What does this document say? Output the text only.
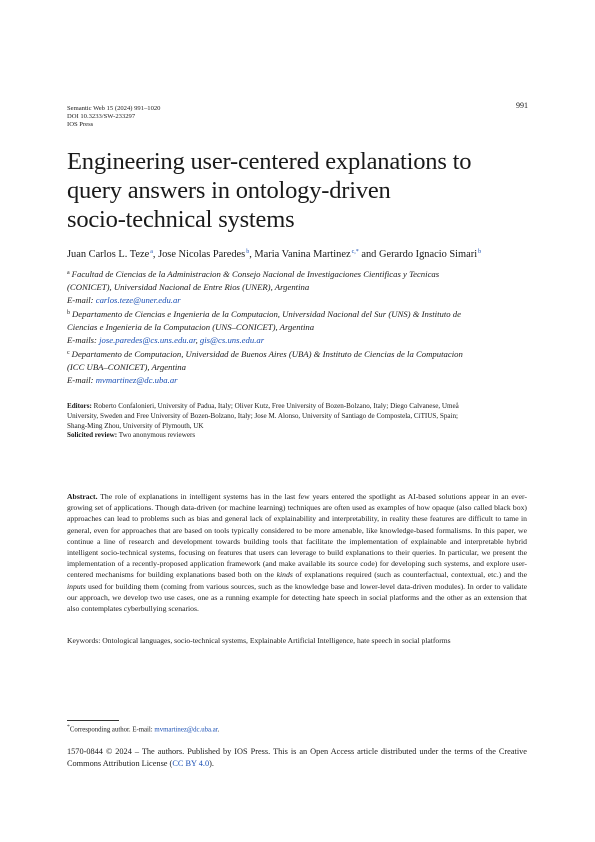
Semantic Web 15 (2024) 991–1020
DOI 10.3233/SW-233297
IOS Press
991
Engineering user-centered explanations to
query answers in ontology-driven
socio-technical systems
Juan Carlos L. Teze$^a$, Jose Nicolas Paredes$^b$, Maria Vanina Martinez$^{c,*}$ and Gerardo Ignacio Simari$^b$
$^a$ Facultad de Ciencias de la Administracion & Consejo Nacional de Investigaciones Cientificas y Tecnicas
(CONICET), Universidad Nacional de Entre Rios (UNER), Argentina
E-mail: carlos.teze@uner.edu.ar
$^b$ Departamento de Ciencias e Ingenieria de la Computacion, Universidad Nacional del Sur (UNS) & Instituto de
Ciencias e Ingenieria de la Computacion (UNS–CONICET), Argentina
E-mails: jose.paredes@cs.uns.edu.ar, gis@cs.uns.edu.ar
$^c$ Departamento de Computacion, Universidad de Buenos Aires (UBA) & Instituto de Ciencias de la Computacion
(ICC UBA–CONICET), Argentina
E-mail: mvmartinez@dc.uba.ar
Editors: Roberto Confalonieri, University of Padua, Italy; Oliver Kutz, Free University of Bozen-Bolzano, Italy; Diego Calvanese, Umeå
University, Sweden and Free University of Bozen-Bolzano, Italy; Jose M. Alonso, University of Santiago de Compostela, CiTIUS, Spain;
Shang-Ming Zhou, University of Plymouth, UK
Solicited review: Two anonymous reviewers
Abstract. The role of explanations in intelligent systems has in the last few years entered the spotlight as AI-based solutions appear in an ever-growing set of applications. Though data-driven (or machine learning) techniques are often used as examples of how opaque (also called black box) approaches can lead to problems such as bias and general lack of explainability and interpretability, in reality these features are difficult to tame in general, even for approaches that are based on tools typically considered to be more amenable, like knowledge-based formalisms. In this paper, we continue a line of research and development towards building tools that facilitate the implementation of explainable and interpretable hybrid intelligent socio-technical systems, focusing on features that users can leverage to build explanations to their queries. In particular, we present the implementation of a recently-proposed application framework (and make available its source code) for developing such systems, and explore user-centered mechanisms for building explanations based both on the kinds of explanations required (such as counterfactual, contextual, etc.) and the inputs used for building them (coming from various sources, such as the knowledge base and lower-level data-driven modules). In order to validate our approach, we develop two use cases, one as a running example for detecting hate speech in social platforms and the other as an extension that also contemplates cyberbullying scenarios.
Keywords: Ontological languages, socio-technical systems, Explainable Artificial Intelligence, hate speech in social platforms
*Corresponding author. E-mail: mvmartinez@dc.uba.ar.
1570-0844 © 2024 – The authors. Published by IOS Press. This is an Open Access article distributed under the terms of the Creative Commons Attribution License (CC BY 4.0).
